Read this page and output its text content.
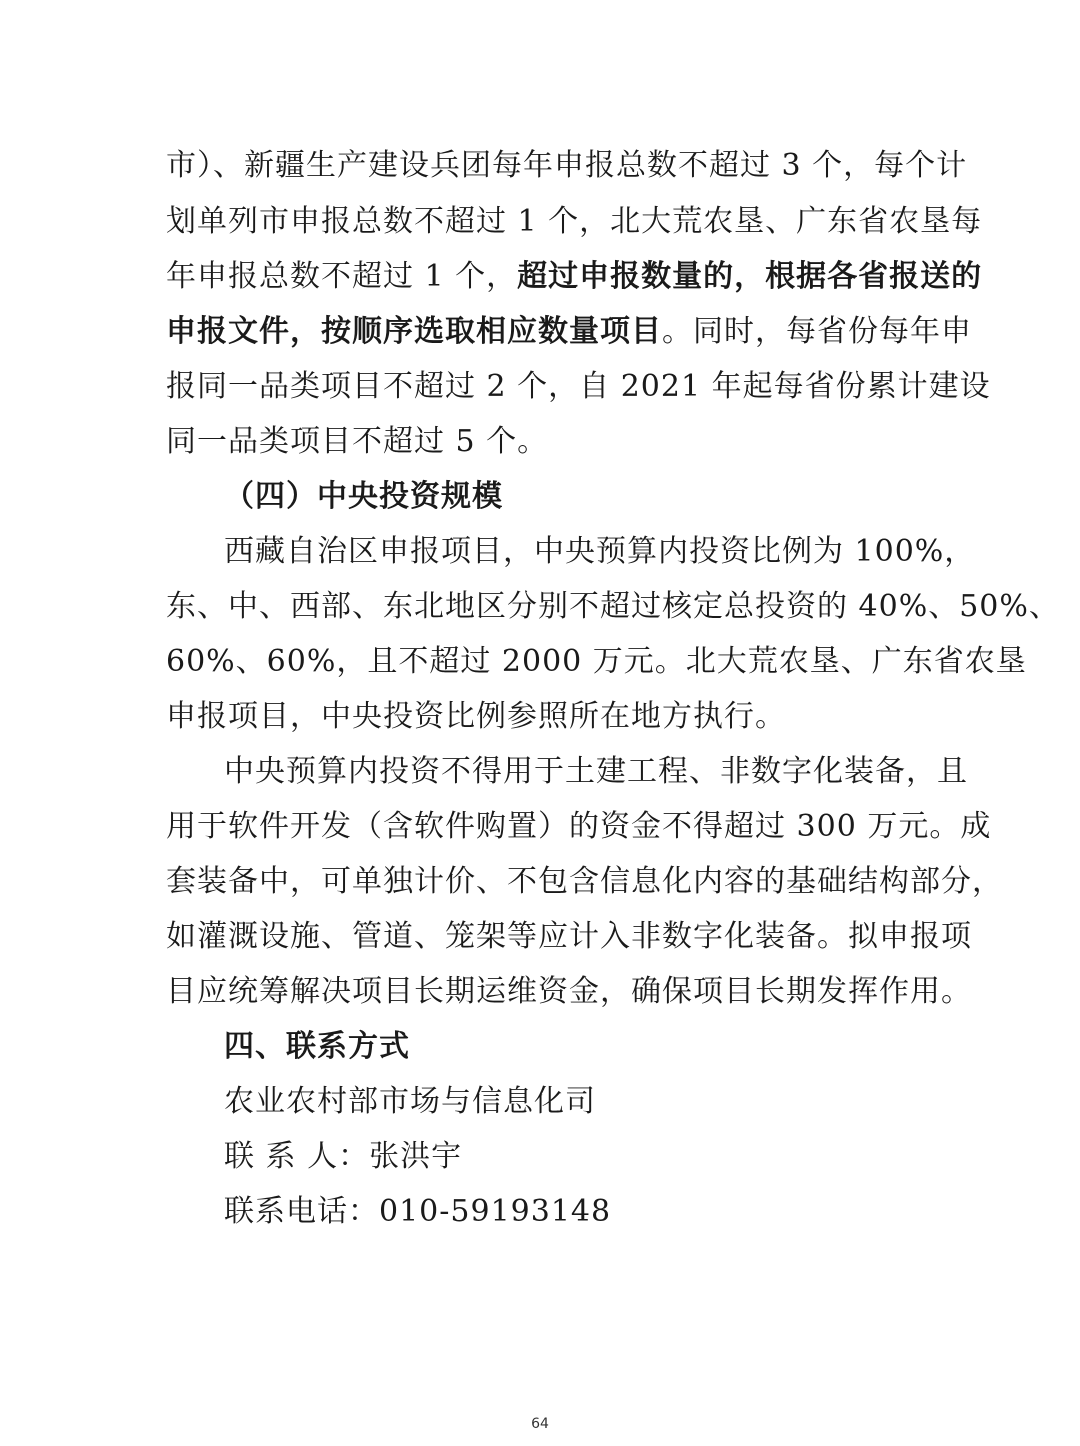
市）、新疆生产建设兵团每年申报总数不超过 3 个，每个计
划单列市申报总数不超过 1 个，北大荒农垦、广东省农垦每
年申报总数不超过 1 个，超过申报数量的，根据各省报送的
申报文件，按顺序选取相应数量项目。同时，每省份每年申
报同一品类项目不超过 2 个，自 2021 年起每省份累计建设
同一品类项目不超过 5 个。
（四）中央投资规模
西藏自治区申报项目，中央预算内投资比例为 100%，
东、中、西部、东北地区分别不超过核定总投资的 40%、50%、
60%、60%，且不超过 2000 万元。北大荒农垦、广东省农垦
申报项目，中央投资比例参照所在地方执行。
中央预算内投资不得用于土建工程、非数字化装备，且
用于软件开发（含软件购置）的资金不得超过 300 万元。成
套装备中，可单独计价、不包含信息化内容的基础结构部分，
如灌溉设施、管道、笼架等应计入非数字化装备。拟申报项
目应统筹解决项目长期运维资金，确保项目长期发挥作用。
四、联系方式
农业农村部市场与信息化司
联 系 人：张洪宇
联系电话：010-59193148
64
